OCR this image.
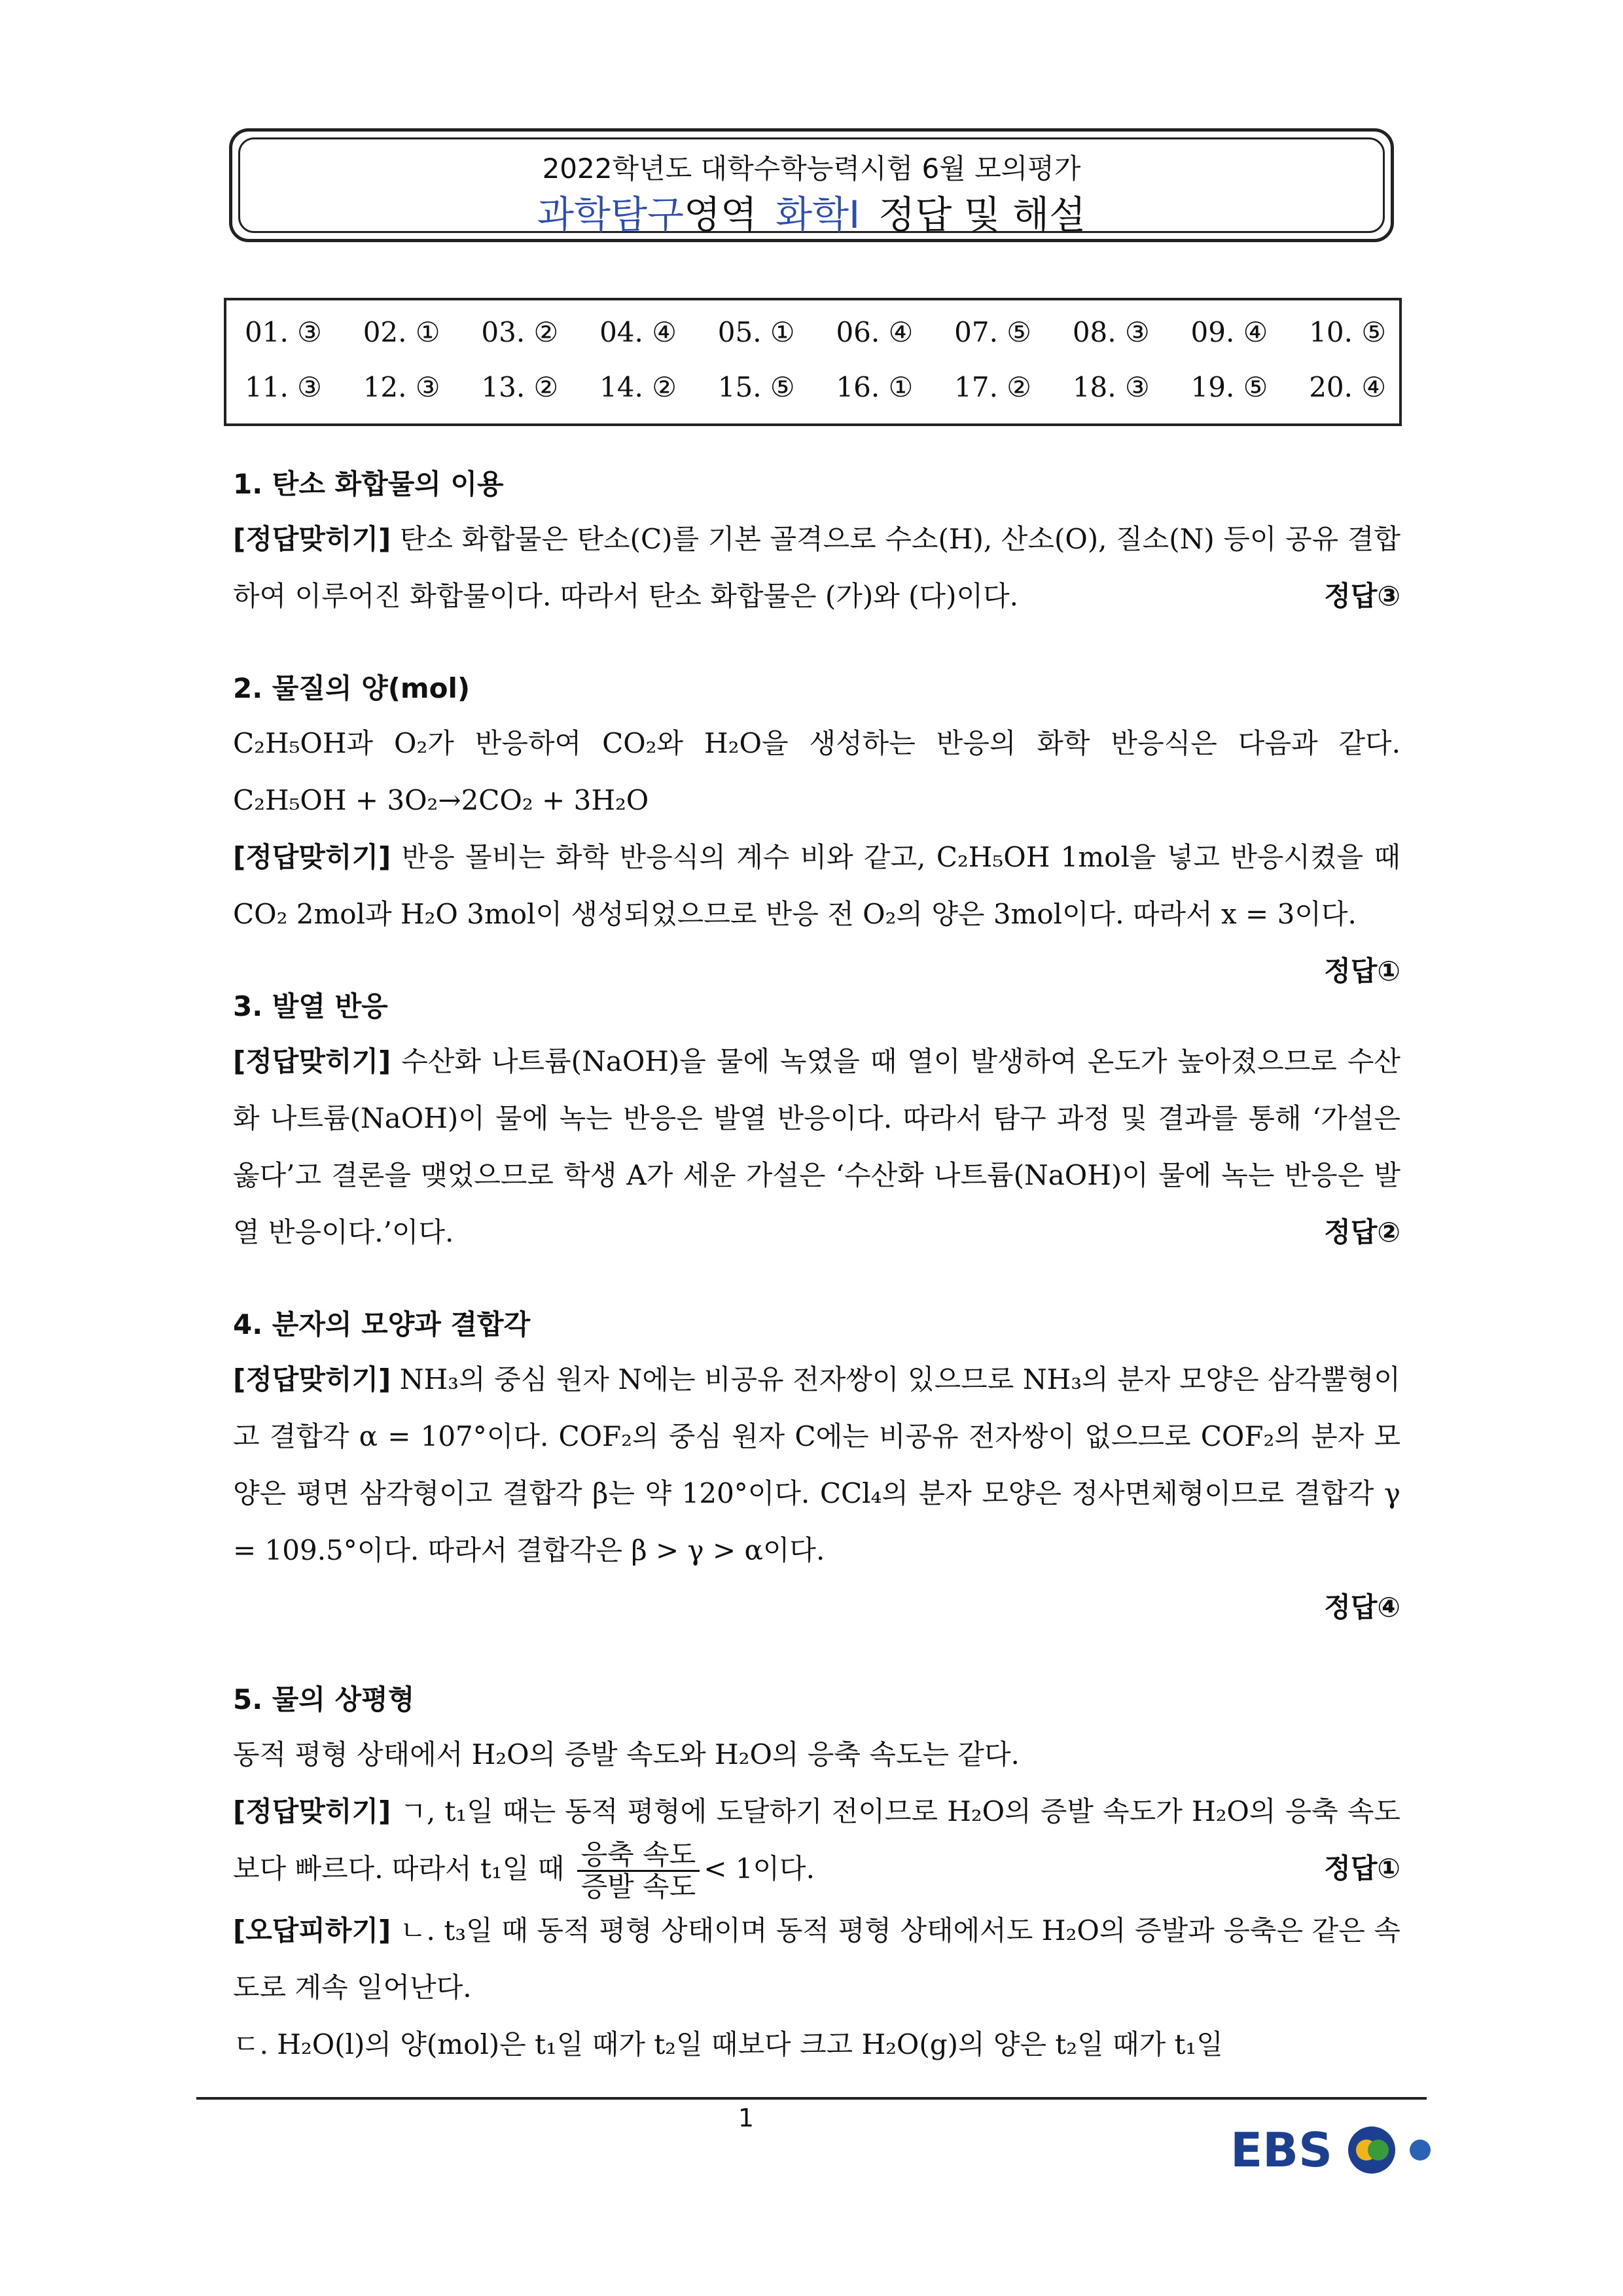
2022학년도 대학수학능력시험 6월 모의평가
과학탐구영역 화학Ⅰ 정답 및 해설
01. ③ 02. ① 03. ② 04. ④ 05. ① 06. ④ 07. ⑤ 08. ③ 09. ④ 10. ⑤
11. ③ 12. ③ 13. ② 14. ② 15. ⑤ 16. ① 17. ② 18. ③ 19. ⑤ 20. ④
1. 탄소 화합물의 이용
[정답맞히기] 탄소 화합물은 탄소(C)를 기본 골격으로 수소(H), 산소(O), 질소(N) 등이 공유 결합하여 이루어진 화합물이다. 따라서 탄소 화합물은 (가)와 (다)이다.	정답③
2. 물질의 양(mol)
C₂H₅OH과 O₂가 반응하여 CO₂와 H₂O을 생성하는 반응의 화학 반응식은 다음과 같다. C₂H₅OH + 3O₂→2CO₂ + 3H₂O
[정답맞히기] 반응 몰비는 화학 반응식의 계수 비와 같고, C₂H₅OH 1mol을 넣고 반응시켰을 때 CO₂ 2mol과 H₂O 3mol이 생성되었으므로 반응 전 O₂의 양은 3mol이다. 따라서 x = 3이다.
정답①
3. 발열 반응
[정답맞히기] 수산화 나트륨(NaOH)을 물에 녹였을 때 열이 발생하여 온도가 높아졌으므로 수산화 나트륨(NaOH)이 물에 녹는 반응은 발열 반응이다. 따라서 탐구 과정 및 결과를 통해 ‘가설은 옳다’고 결론을 맺었으므로 학생 A가 세운 가설은 ‘수산화 나트륨(NaOH)이 물에 녹는 반응은 발열 반응이다.’이다.	정답②
4. 분자의 모양과 결합각
[정답맞히기] NH₃의 중심 원자 N에는 비공유 전자쌍이 있으므로 NH₃의 분자 모양은 삼각뿔형이고 결합각 α = 107°이다. COF₂의 중심 원자 C에는 비공유 전자쌍이 없으므로 COF₂의 분자 모양은 평면 삼각형이고 결합각 β는 약 120°이다. CCl₄의 분자 모양은 정사면체형이므로 결합각 γ = 109.5°이다. 따라서 결합각은 β > γ > α이다.
정답④
5. 물의 상평형
동적 평형 상태에서 H₂O의 증발 속도와 H₂O의 응축 속도는 같다.
[정답맞히기] ㄱ, t₁일 때는 동적 평형에 도달하기 전이므로 H₂O의 증발 속도가 H₂O의 응축 속도보다 빠르다. 따라서 t₁일 때 $\frac{\text{응축 속도}}{\text{증발 속도}} < 1$이다.	정답①
[오답피하기] ㄴ. t₃일 때 동적 평형 상태이며 동적 평형 상태에서도 H₂O의 증발과 응축은 같은 속도로 계속 일어난다.
ㄷ. H₂O(l)의 양(mol)은 t₁일 때가 t₂일 때보다 크고 H₂O(g)의 양은 t₂일 때가 t₁일
1
EBS
